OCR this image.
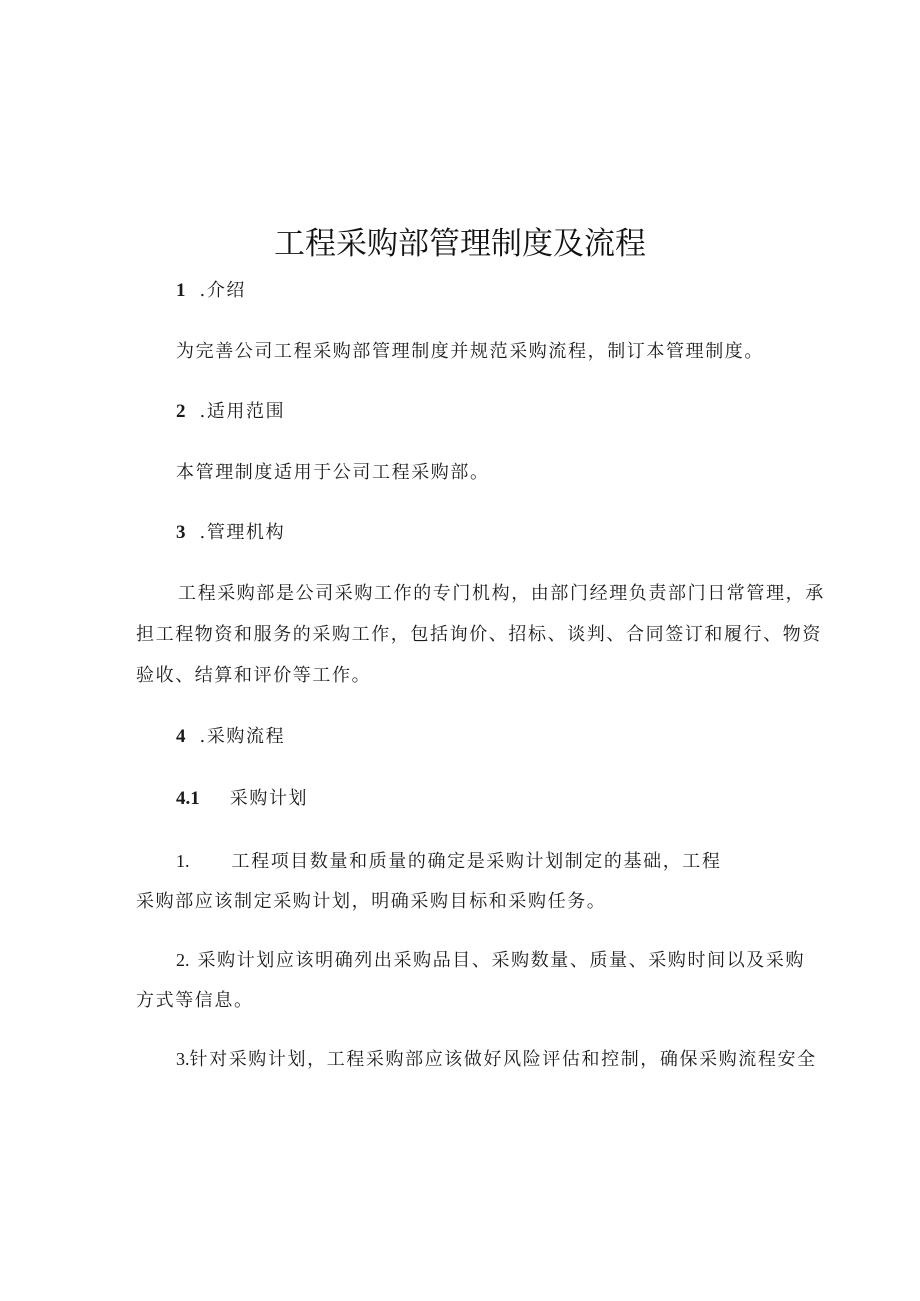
工程采购部管理制度及流程
1 .介绍
为完善公司工程采购部管理制度并规范采购流程，制订本管理制度。
2 .适用范围
本管理制度适用于公司工程采购部。
3 .管理机构
工程采购部是公司采购工作的专门机构，由部门经理负责部门日常管理，承
担工程物资和服务的采购工作，包括询价、招标、谈判、合同签订和履行、物资
验收、结算和评价等工作。
4 .采购流程
4.1 采购计划
1. 工程项目数量和质量的确定是采购计划制定的基础，工程
采购部应该制定采购计划，明确采购目标和采购任务。
2. 采购计划应该明确列出采购品目、采购数量、质量、采购时间以及采购
方式等信息。
3.针对采购计划，工程采购部应该做好风险评估和控制，确保采购流程安全
